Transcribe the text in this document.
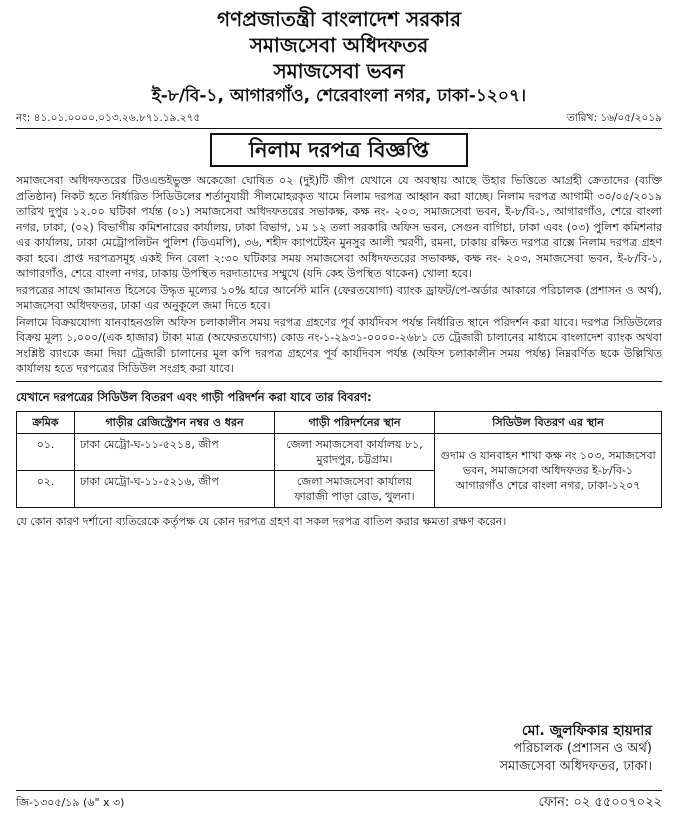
গণপ্রজাতন্ত্রী বাংলাদেশ সরকার
সমাজসেবা অধিদফতর
সমাজসেবা ভবন
ই-৮/বি-১, আগারগাঁও, শেরেবাংলা নগর, ঢাকা-১২০৭।
নং: ৪১.০১.০০০০.০১৩.২৬.৮৭১.১৯.২৭৫	তারিখ: ১৬/০৫/২০১৯
নিলাম দরপত্র বিজ্ঞপ্তি

সমাজসেবা অধিদফতরের টিওএন্ডইভুক্ত অকেজো ঘোষিত ০২ (দুই)টি জীপ যেখানে যে অবস্থায় আছে উহার ভিত্তিতে আগ্রহী ক্রেতাদের (ব্যক্তি প্রতিষ্ঠান) নিকট হতে নির্ধারিত সিডিউলের শর্তানুযায়ী সীলমোহরকৃত খামে নিলাম দরপত্র আহ্বান করা যাচ্ছে। নিলাম দরপত্র আগামী ৩০/০৫/২০১৯ তারিখ দুপুর ১২.০০ ঘটিকা পর্যন্ত (০১) সমাজসেবা অধিদফতরের সভাকক্ষ, কক্ষ নং- ২০৩, সমাজসেবা ভবন, ই-৮/বি-১, আগারগাঁও, শেরে বাংলা নগর, ঢাকা, (০২) বিভাগীয় কমিশনারের কার্যালয়, ঢাকা বিভাগ, ১ম ১২ তলা সরকারি অফিস ভবন, সেগুন বাগিচা, ঢাকা এবং (০৩) পুলিশ কমিশনার এর কার্যালয়, ঢাকা মেট্রোপলিটন পুলিশ (ডিএমপি), ৩৬, শহীদ ক্যাপটেইন মুনসুর আলী স্মরণী, রমনা, ঢাকায় রক্ষিত দরপত্র বাক্সে নিলাম দরপত্র গ্রহণ করা হবে। প্রাপ্ত দরপত্রসমূহ একই দিন বেলা ২:৩০ ঘটিকার সময় সমাজসেবা অধিদফতরের সভাকক্ষ, কক্ষ নং- ২০৩, সমাজসেবা ভবন, ই-৮/বি-১, আগারগাঁও, শেরে বাংলা নগর, ঢাকায় উপস্থিত দরদাতাদের সম্মুখে (যদি কেহ উপস্থিত থাকেন) খোলা হবে।

দরপত্রের সাথে জামানত হিসেবে উদ্ধৃত মূল্যের ১০% হারে আর্নেস্ট মানি (ফেরতযোগ্য) ব্যাংক ড্রাফট/পে-অর্ডার আকারে পরিচালক (প্রশাসন ও অর্থ), সমাজসেবা অধিদফতর, ঢাকা এর অনুকূলে জমা দিতে হবে।

নিলামে বিক্রয়যোগ্য যানবাহনগুলি অফিস চলাকালীন সময় দরপত্র গ্রহণের পূর্ব কার্যদিবস পর্যন্ত নির্ধারিত স্থানে পরিদর্শন করা যাবে। দরপত্র সিডিউলের বিক্রয় মূল্য ১,০০০/(এক হাজার) টাকা মাত্র (অফেরতযোগ্য) কোড নং-১-২৯৩১-০০০০-২৬৮১ তে ট্রেজারী চালানের মাধ্যমে বাংলাদেশ ব্যাংক অথবা সংশ্লিষ্ট ব্যাংকে জমা দিয়া ট্রেজারী চালানের মূল কপি দরপত্র গ্রহণের পূর্ব কার্যদিবস পর্যন্ত (অফিস চলাকালীন সময় পর্যন্ত) নিম্নবর্ণিত ছকে উল্লিখিত কার্যালয় হতে দরপত্রের সিডিউল সংগ্রহ করা যাবে।

যেখানে দরপত্রের সিডিউল বিতরণ এবং গাড়ী পরিদর্শন করা যাবে তার বিবরণ:
ক্রমিক	গাড়ীর রেজিস্ট্রেশন নম্বর ও ধরন	গাড়ী পরিদর্শনের স্থান	সিডিউল বিতরণ এর স্থান
০১.	ঢাকা মেট্রো-ঘ-১১-৫২১৪, জীপ	জেলা সমাজসেবা কার্যালয় ৮১, মুরাদপুর, চট্টগ্রাম।	গুদাম ও যানবাহন শাখা কক্ষ নং ১০৩, সমাজসেবা ভবন, সমাজসেবা অধিদফতর ই-৮/বি-১ আগারগাঁও শেরে বাংলা নগর, ঢাকা-১২০৭
০২.	ঢাকা মেট্রো-ঘ-১১-৫২১৬, জীপ	জেলা সমাজসেবা কার্যালয় ফারাজী পাড়া রোড, খুলনা।	

যে কোন কারণ দর্শানো ব্যতিরেকে কর্তৃপক্ষ যে কোন দরপত্র গ্রহণ বা সকল দরপত্র বাতিল করার ক্ষমতা রক্ষণ করেন।

মো. জুলফিকার হায়দার
পরিচালক (প্রশাসন ও অর্থ)
সমাজসেবা অধিদফতর, ঢাকা।
জি-১৩০৫/১৯ (৬" x ৩)	ফোন: ০২ ৫৫০০৭০২২
